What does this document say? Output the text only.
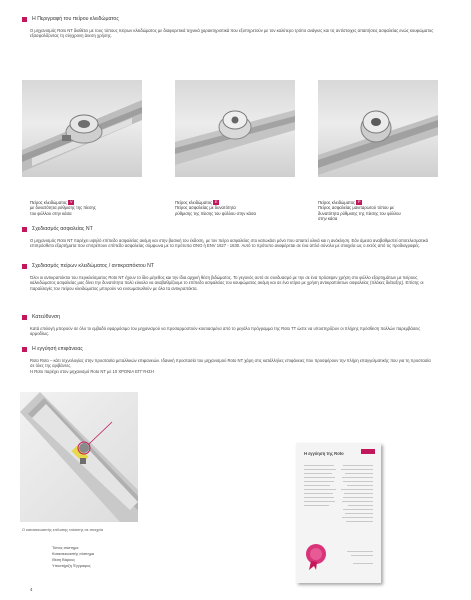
Η Περιγραφή του πείρου κλειδώματος

Ο μηχανισμός Roto NT διαθέτει με τους τύπους πείρων κλειδώματος με διαφορετικά τεχνικά χαρακτηριστικά που εξυπηρετούν με τον καλύτερο τρόπο ανάγκες και τις αντίστοιχες απαιτήσεις ασφαλείας ενώς κουφώματος εξασφαλίζοντας τη σύγχρονη άνεση χρήσης.

Πείρος κλειδώματος V
με δυνατότητα ρύθμισης της πίεσης
του φύλλου στην κάσα
Πείρος κλειδώματος E
Πείρος ασφαλείας με δυνατότητα
ρύθμισης της πίεσης του φύλλου στην κάσα
Πείρος κλειδώματος P
Πείρος ασφαλείας μανιταρωτού τύπου με
δυνατότητα ρύθμισης της πίεσης του φύλλου
στην κάσα
Σχεδιασμός ασφαλείας ΝΤ

Ο μηχανισμός Roto NT παρέχει υψηλό επίπεδο ασφαλείας ακόμη και στην βασική του έκδοση, με τον πείρο ασφαλείας στο κατωκάσι μόνο που απαιτεί υλικά και η ανάκληση. Εάν άμεσα αναβαθμιστεί αποτελεσματικά επιπρόσθετο εξαρτήματα που επιτρέπουν επίπεδο ασφαλείας σύμφωνα με τα πρότυπα ΟΝΟ ή ΕΝV 1627 - 1630. Αυτό το πρότυπο αναφέρεται σε ένα απλό σύνολο με στοιχεία ως ο εκτός από τις προδιαγραφές.

Σχεδιασμός πείρων κλειδώματος / αντικραπόκτου ΝΤ

Όλοι οι αντικραπόκτοι του περικλείσματος Roto NT έχουν το ίδιο μέγεθος και την ίδια αρχική θέση βιδώματος. Το γεγονός αυτό σε συνδυασμό με την σε ένα πρόσεψεν χρήση στο φύλλο εξαρτημάτων με πείρους καλειδώματος ασφαλείας μας δίνει την δυνατότητα πολύ εύκολα να αναβαθμίζουμε το επίπεδο ασφαλείας του κουφώματος ακόμη και σε ένα κτίριο με χρήση αντικραπόκτων ασφαλείας (πλάκες διάταξης). Επίσης οι παραλλαγές του πείρου κλειδώματος μπορούν να ενσωματωθούν με όλα τα αντικραπόκτα.

Κατεύθυνση

Κατά επιλογή μπορούν σε όλο το εμβαδό εφαρμόσιμο του μηχανισμού να προσαρμοστούν κουτιασμένα από το μεγάλο πρόγραμμα της Roto TT ώστε να υποστηρίζουν οι πλήρης πρόσθεση πολλών παρεμβάσεις αρμοδίως.

Η εγγύησή επιφάνειας

Roto Roto – κάτι τεχνολογίας στην προστασία μεταλλικών επιφανειών. Ιδανική προστασία του μηχανισμού Roto NT χάρη στις κατάλληλες επιφάνειες που προσφέρουν την πλήρη επαγγελματικής που για τη προστασία σε όλες της αριβάντες.

Η Roto παρέχει στον μηχανισμό Roto ΝΤ με 10 ΧΡΟΝΙΑ ΕΓΓΥΗΣΗ

Ο κατασκευαστής επίλυσης ταύτισης σε στοιχεία
Τύπος σύστημα
Κατασκευαστής σύστημα
Θέση Βάρους
Υποστήριξη Έγγραφος
Η εγγύηση της Roto
4
